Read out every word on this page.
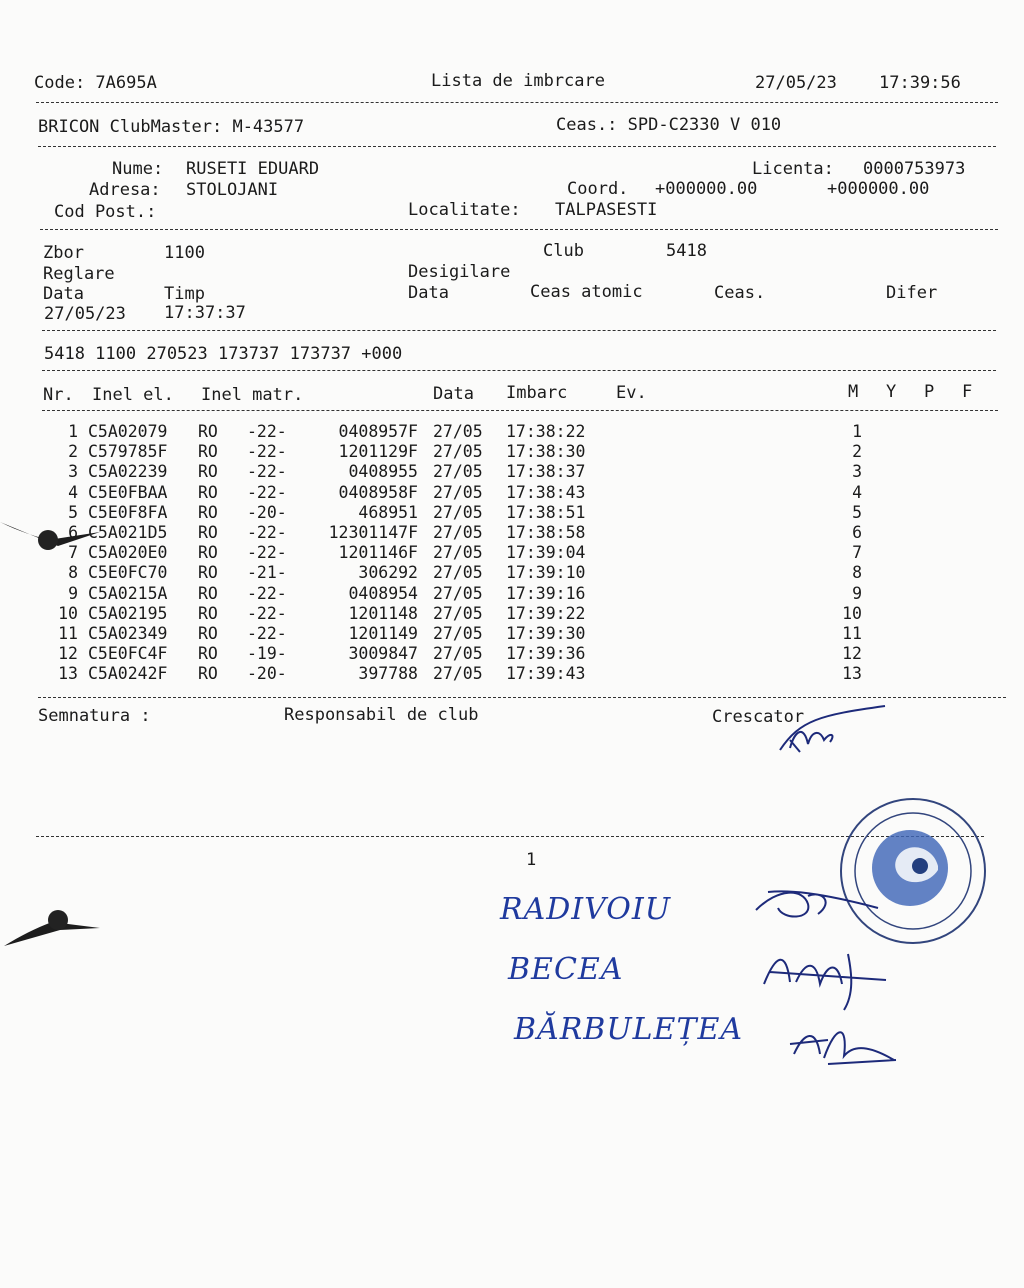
Code: 7A695A	Lista de imbrcare	27/05/23 17:39:56
BRICON ClubMaster: M-43577	Ceas.: SPD-C2330 V 010
Nume: RUSETI EDUARD
Adresa: STOLOJANI
Cod Post.:	Localitate: TALPASESTI
Licenta: 0000753973
Coord. +000000.00	+000000.00
Zbor	1100	Club	5418
Reglare	Desigilare
Data	Timp	Data	Ceas atomic	Ceas.	Difer
27/05/23 17:37:37
5418 1100 270523 173737 173737 +000
Nr. Inel el. Inel matr.	Data Imbarc	Ev.	M Y P F
1 C5A02079 RO -22-	0408957F 27/05 17:38:22	1
2 C579785F RO -22-	1201129F 27/05 17:38:30	2
3 C5A02239 RO -22-	0408955 27/05 17:38:37	3
4 C5E0FBAA RO -22-	0408958F 27/05 17:38:43	4
5 C5E0F8FA RO -20-	468951 27/05 17:38:51	5
6 C5A021D5 RO -22-	12301147F 27/05 17:38:58	6
7 C5A020E0 RO -22-	1201146F 27/05 17:39:04	7
8 C5E0FC70 RO -21-	306292 27/05 17:39:10	8
9 C5A0215A RO -22-	0408954 27/05 17:39:16	9
10 C5A02195 RO -22-	1201148 27/05 17:39:22	10
11 C5A02349 RO -22-	1201149 27/05 17:39:30	11
12 C5E0FC4F RO -19-	3009847 27/05 17:39:36	12
13 C5A0242F RO -20-	397788 27/05 17:39:43	13
Semnatura :	Responsabil de club	Crescator
1
RADIVOIU
BECEA
BĂRBULEȚEA
